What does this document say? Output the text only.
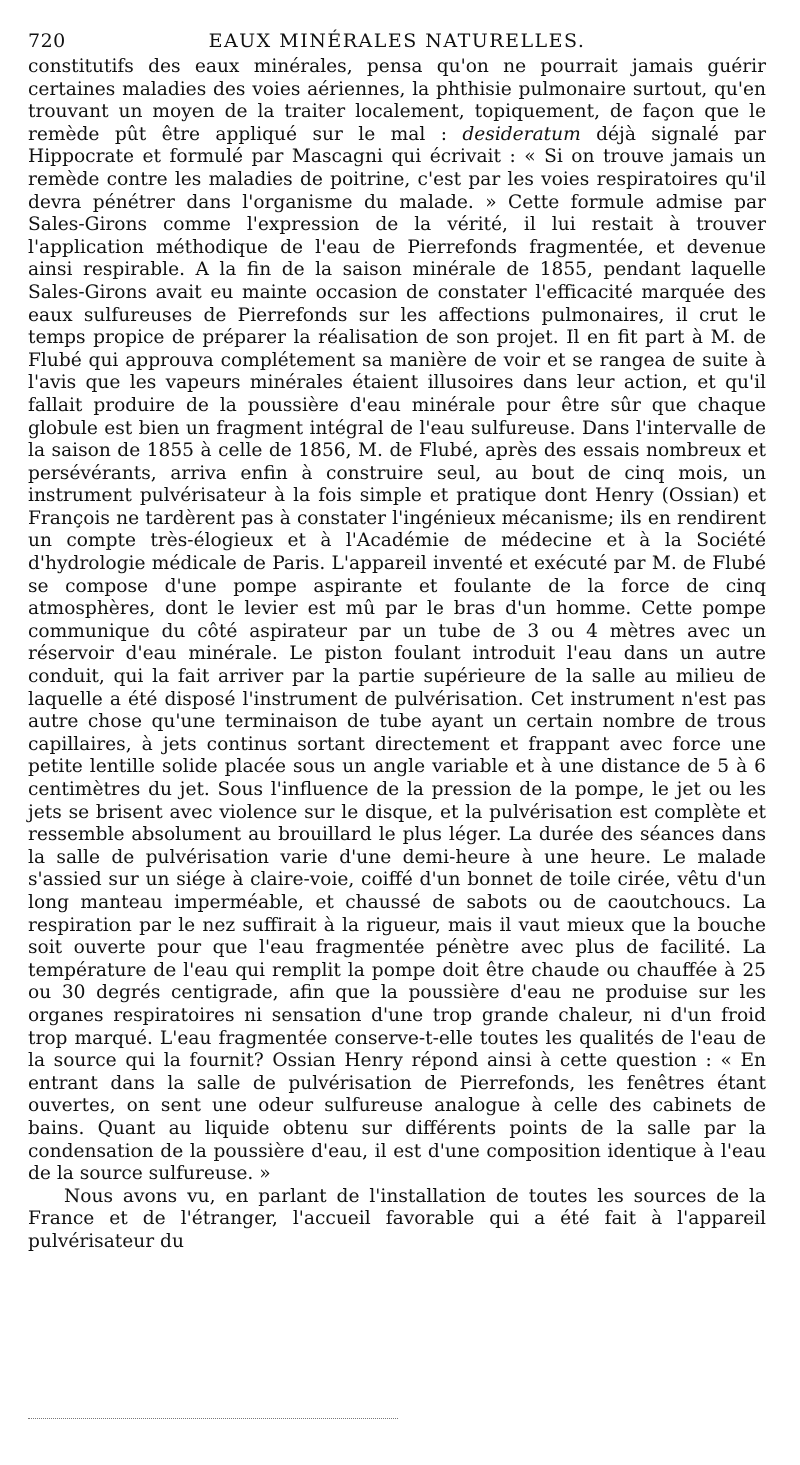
720	EAUX MINÉRALES NATURELLES.

constitutifs des eaux minérales, pensa qu'on ne pourrait jamais guérir certaines maladies des voies aériennes, la phthisie pulmonaire surtout, qu'en trouvant un moyen de la traiter localement, topiquement, de façon que le remède pût être appliqué sur le mal : desideratum déjà signalé par Hippocrate et formulé par Mascagni qui écrivait : « Si on trouve jamais un remède contre les maladies de poitrine, c'est par les voies respiratoires qu'il devra pénétrer dans l'organisme du malade. » Cette formule admise par Sales-Girons comme l'expression de la vérité, il lui restait à trouver l'application méthodique de l'eau de Pierrefonds fragmentée, et devenue ainsi respirable. A la fin de la saison minérale de 1855, pendant laquelle Sales-Girons avait eu mainte occasion de constater l'efficacité marquée des eaux sulfureuses de Pierrefonds sur les affections pulmonaires, il crut le temps propice de préparer la réalisation de son projet. Il en fit part à M. de Flubé qui approuva complétement sa manière de voir et se rangea de suite à l'avis que les vapeurs minérales étaient illusoires dans leur action, et qu'il fallait produire de la poussière d'eau minérale pour être sûr que chaque globule est bien un fragment intégral de l'eau sulfureuse. Dans l'intervalle de la saison de 1855 à celle de 1856, M. de Flubé, après des essais nombreux et persévérants, arriva enfin à construire seul, au bout de cinq mois, un instrument pulvérisateur à la fois simple et pratique dont Henry (Ossian) et François ne tardèrent pas à constater l'ingénieux mécanisme; ils en rendirent un compte très-élogieux et à l'Académie de médecine et à la Société d'hydrologie médicale de Paris. L'appareil inventé et exécuté par M. de Flubé se compose d'une pompe aspirante et foulante de la force de cinq atmosphères, dont le levier est mû par le bras d'un homme. Cette pompe communique du côté aspirateur par un tube de 3 ou 4 mètres avec un réservoir d'eau minérale. Le piston foulant introduit l'eau dans un autre conduit, qui la fait arriver par la partie supérieure de la salle au milieu de laquelle a été disposé l'instrument de pulvérisation. Cet instrument n'est pas autre chose qu'une terminaison de tube ayant un certain nombre de trous capillaires, à jets continus sortant directement et frappant avec force une petite lentille solide placée sous un angle variable et à une distance de 5 à 6 centimètres du jet. Sous l'influence de la pression de la pompe, le jet ou les jets se brisent avec violence sur le disque, et la pulvérisation est complète et ressemble absolument au brouillard le plus léger. La durée des séances dans la salle de pulvérisation varie d'une demi-heure à une heure. Le malade s'assied sur un siége à claire-voie, coiffé d'un bonnet de toile cirée, vêtu d'un long manteau imperméable, et chaussé de sabots ou de caoutchoucs. La respiration par le nez suffirait à la rigueur, mais il vaut mieux que la bouche soit ouverte pour que l'eau fragmentée pénètre avec plus de facilité. La température de l'eau qui remplit la pompe doit être chaude ou chauffée à 25 ou 30 degrés centigrade, afin que la poussière d'eau ne produise sur les organes respiratoires ni sensation d'une trop grande chaleur, ni d'un froid trop marqué. L'eau fragmentée conserve-t-elle toutes les qualités de l'eau de la source qui la fournit? Ossian Henry répond ainsi à cette question : « En entrant dans la salle de pulvérisation de Pierrefonds, les fenêtres étant ouvertes, on sent une odeur sulfureuse analogue à celle des cabinets de bains. Quant au liquide obtenu sur différents points de la salle par la condensation de la poussière d'eau, il est d'une composition identique à l'eau de la source sulfureuse. »

Nous avons vu, en parlant de l'installation de toutes les sources de la France et de l'étranger, l'accueil favorable qui a été fait à l'appareil pulvérisateur du
